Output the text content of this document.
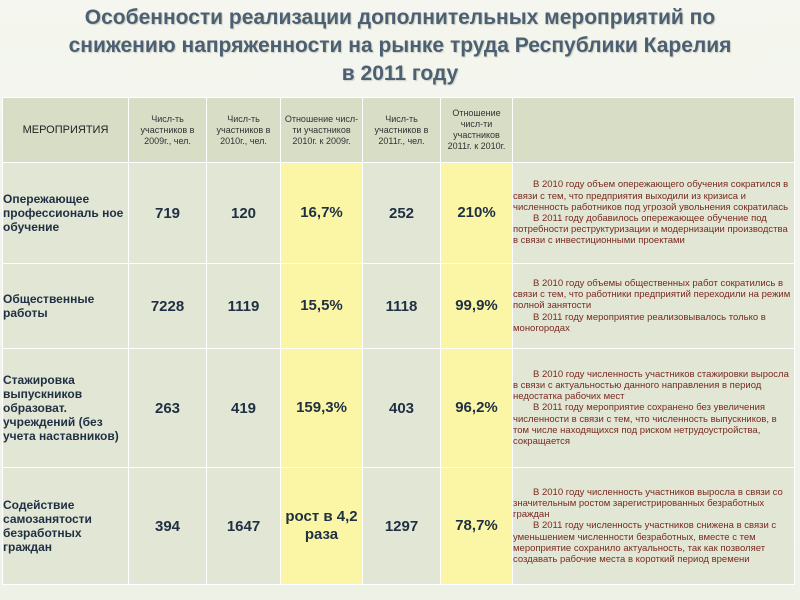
Особенности реализации дополнительных мероприятий по
снижению напряженности на рынке труда Республики Карелия
в 2011 году
МЕРОПРИЯТИЯ	Числ-ть участников в 2009г., чел.	Числ-ть участников в 2010г., чел.	Отношение числ-ти участников 2010г. к 2009г.	Числ-ть участников в 2011г., чел.	Отношение числ-ти участников 2011г. к 2010г.	
Опережающее профессиональ ное обучение	719	120	16,7%	252	210%	В 2010 году объем опережающего обучения сократился в связи с тем, что предприятия выходили из кризиса и численность работников под угрозой увольнения сократилась

В 2011 году добавилось опережающее обучение под потребности реструктуризации и модернизации производства в связи с инвестиционными проектами

Общественные работы	7228	1119	15,5%	1118	99,9%	В 2010 году объемы общественных работ сократились в связи с тем, что работники предприятий переходили на режим полной занятости

В 2011 году мероприятие реализовывалось только в моногородах

Стажировка выпускников образоват. учреждений (без учета наставников)	263	419	159,3%	403	96,2%	В 2010 году численность участников стажировки выросла в связи с актуальностью данного направления в период недостатка рабочих мест

В 2011 году мероприятие сохранено без увеличения численности в связи с тем, что численность выпускников, в том числе находящихся под риском нетрудоустройства, сокращается

Содействие самозанятости безработных граждан	394	1647	рост в 4,2 раза	1297	78,7%	В 2010 году численность участников выросла в связи со значительным ростом зарегистрированных безработных граждан

В 2011 году численность участников снижена в связи с уменьшением численности безработных, вместе с тем мероприятие сохранило актуальность, так как позволяет создавать рабочие места в короткий период времени
